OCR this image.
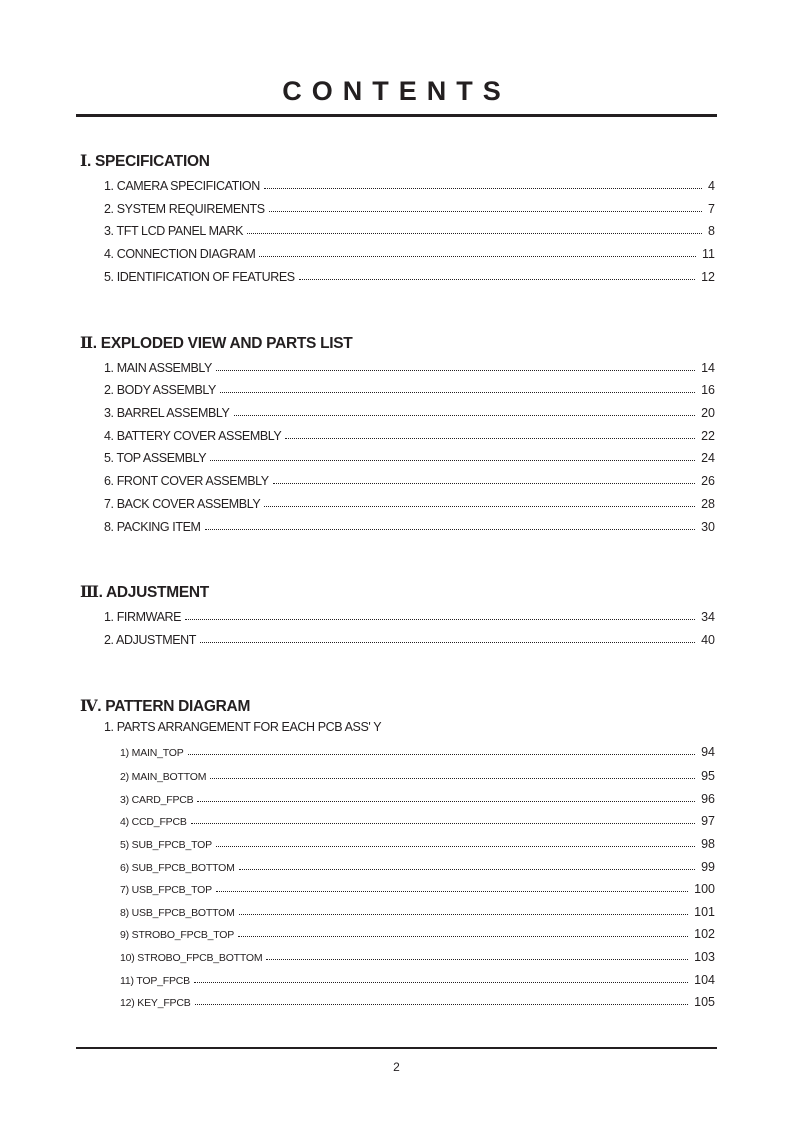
CONTENTS
Ⅰ. SPECIFICATION
1. CAMERA SPECIFICATION	4
2. SYSTEM REQUIREMENTS	7
3. TFT LCD PANEL MARK	8
4. CONNECTION DIAGRAM	11
5. IDENTIFICATION OF FEATURES	12
Ⅱ. EXPLODED VIEW AND PARTS LIST
1. MAIN ASSEMBLY	14
2. BODY ASSEMBLY	16
3. BARREL ASSEMBLY	20
4. BATTERY COVER ASSEMBLY	22
5. TOP ASSEMBLY	24
6. FRONT COVER ASSEMBLY	26
7. BACK COVER ASSEMBLY	28
8. PACKING ITEM	30
Ⅲ. ADJUSTMENT
1. FIRMWARE	34
2. ADJUSTMENT	40
Ⅳ. PATTERN DIAGRAM
1. PARTS ARRANGEMENT FOR EACH PCB ASS' Y
1) MAIN_TOP	94
2) MAIN_BOTTOM	95
3) CARD_FPCB	96
4) CCD_FPCB	97
5) SUB_FPCB_TOP	98
6) SUB_FPCB_BOTTOM	99
7) USB_FPCB_TOP	100
8) USB_FPCB_BOTTOM	101
9) STROBO_FPCB_TOP	102
10) STROBO_FPCB_BOTTOM	103
11) TOP_FPCB	104
12) KEY_FPCB	105
2
